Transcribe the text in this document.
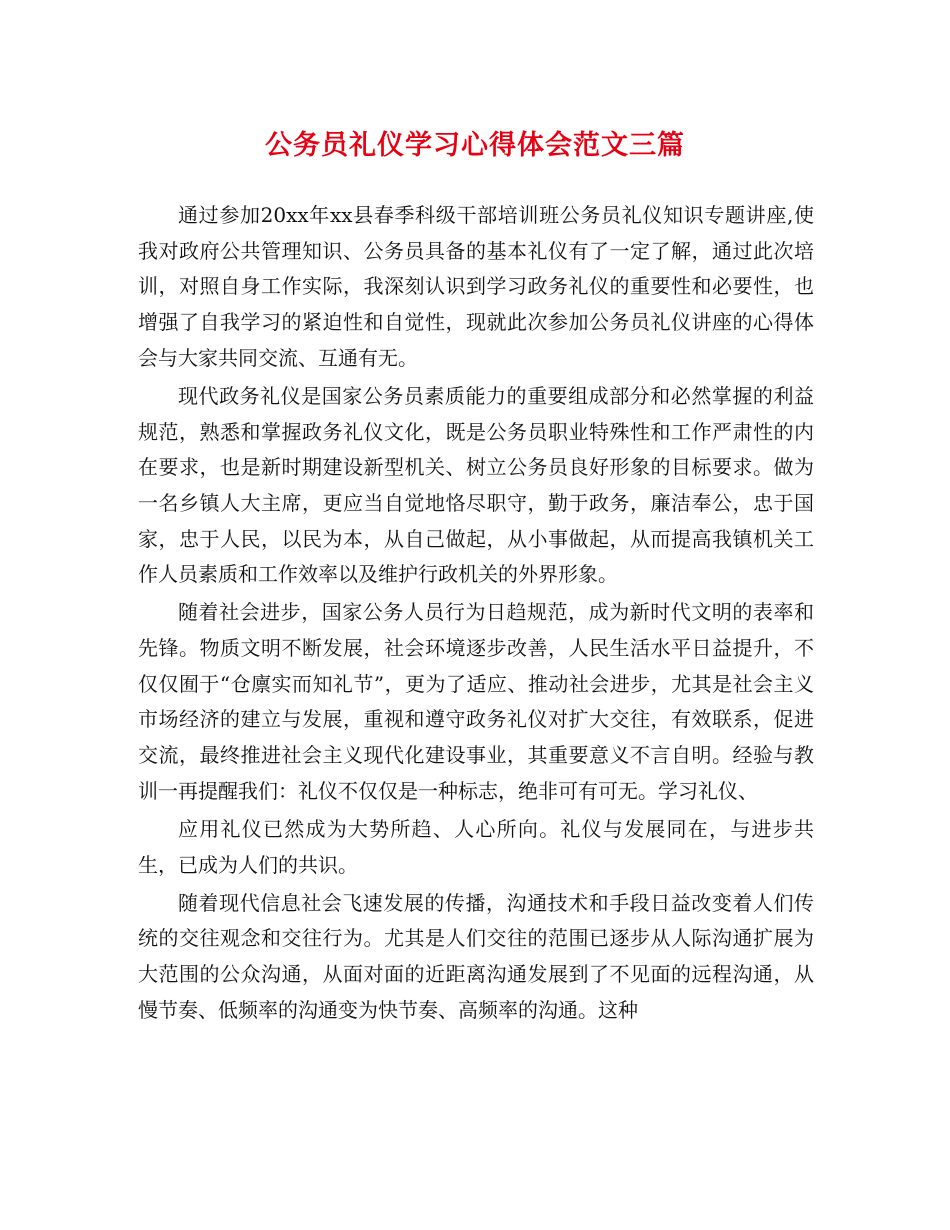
公务员礼仪学习心得体会范文三篇

通过参加20xx年xx县春季科级干部培训班公务员礼仪知识专题讲座,使我对政府公共管理知识、公务员具备的基本礼仪有了一定了解，通过此次培训，对照自身工作实际，我深刻认识到学习政务礼仪的重要性和必要性，也增强了自我学习的紧迫性和自觉性，现就此次参加公务员礼仪讲座的心得体会与大家共同交流、互通有无。

现代政务礼仪是国家公务员素质能力的重要组成部分和必然掌握的利益规范，熟悉和掌握政务礼仪文化，既是公务员职业特殊性和工作严肃性的内在要求，也是新时期建设新型机关、树立公务员良好形象的目标要求。做为一名乡镇人大主席，更应当自觉地恪尽职守，勤于政务，廉洁奉公，忠于国家，忠于人民，以民为本，从自己做起，从小事做起，从而提高我镇机关工作人员素质和工作效率以及维护行政机关的外界形象。

随着社会进步，国家公务人员行为日趋规范，成为新时代文明的表率和先锋。物质文明不断发展，社会环境逐步改善，人民生活水平日益提升，不仅仅囿于“仓廪实而知礼节”，更为了适应、推动社会进步，尤其是社会主义市场经济的建立与发展，重视和遵守政务礼仪对扩大交往，有效联系，促进交流，最终推进社会主义现代化建设事业，其重要意义不言自明。经验与教训一再提醒我们：礼仪不仅仅是一种标志，绝非可有可无。学习礼仪、

应用礼仪已然成为大势所趋、人心所向。礼仪与发展同在，与进步共生，已成为人们的共识。

随着现代信息社会飞速发展的传播，沟通技术和手段日益改变着人们传统的交往观念和交往行为。尤其是人们交往的范围已逐步从人际沟通扩展为大范围的公众沟通，从面对面的近距离沟通发展到了不见面的远程沟通，从慢节奏、低频率的沟通变为快节奏、高频率的沟通。这种
